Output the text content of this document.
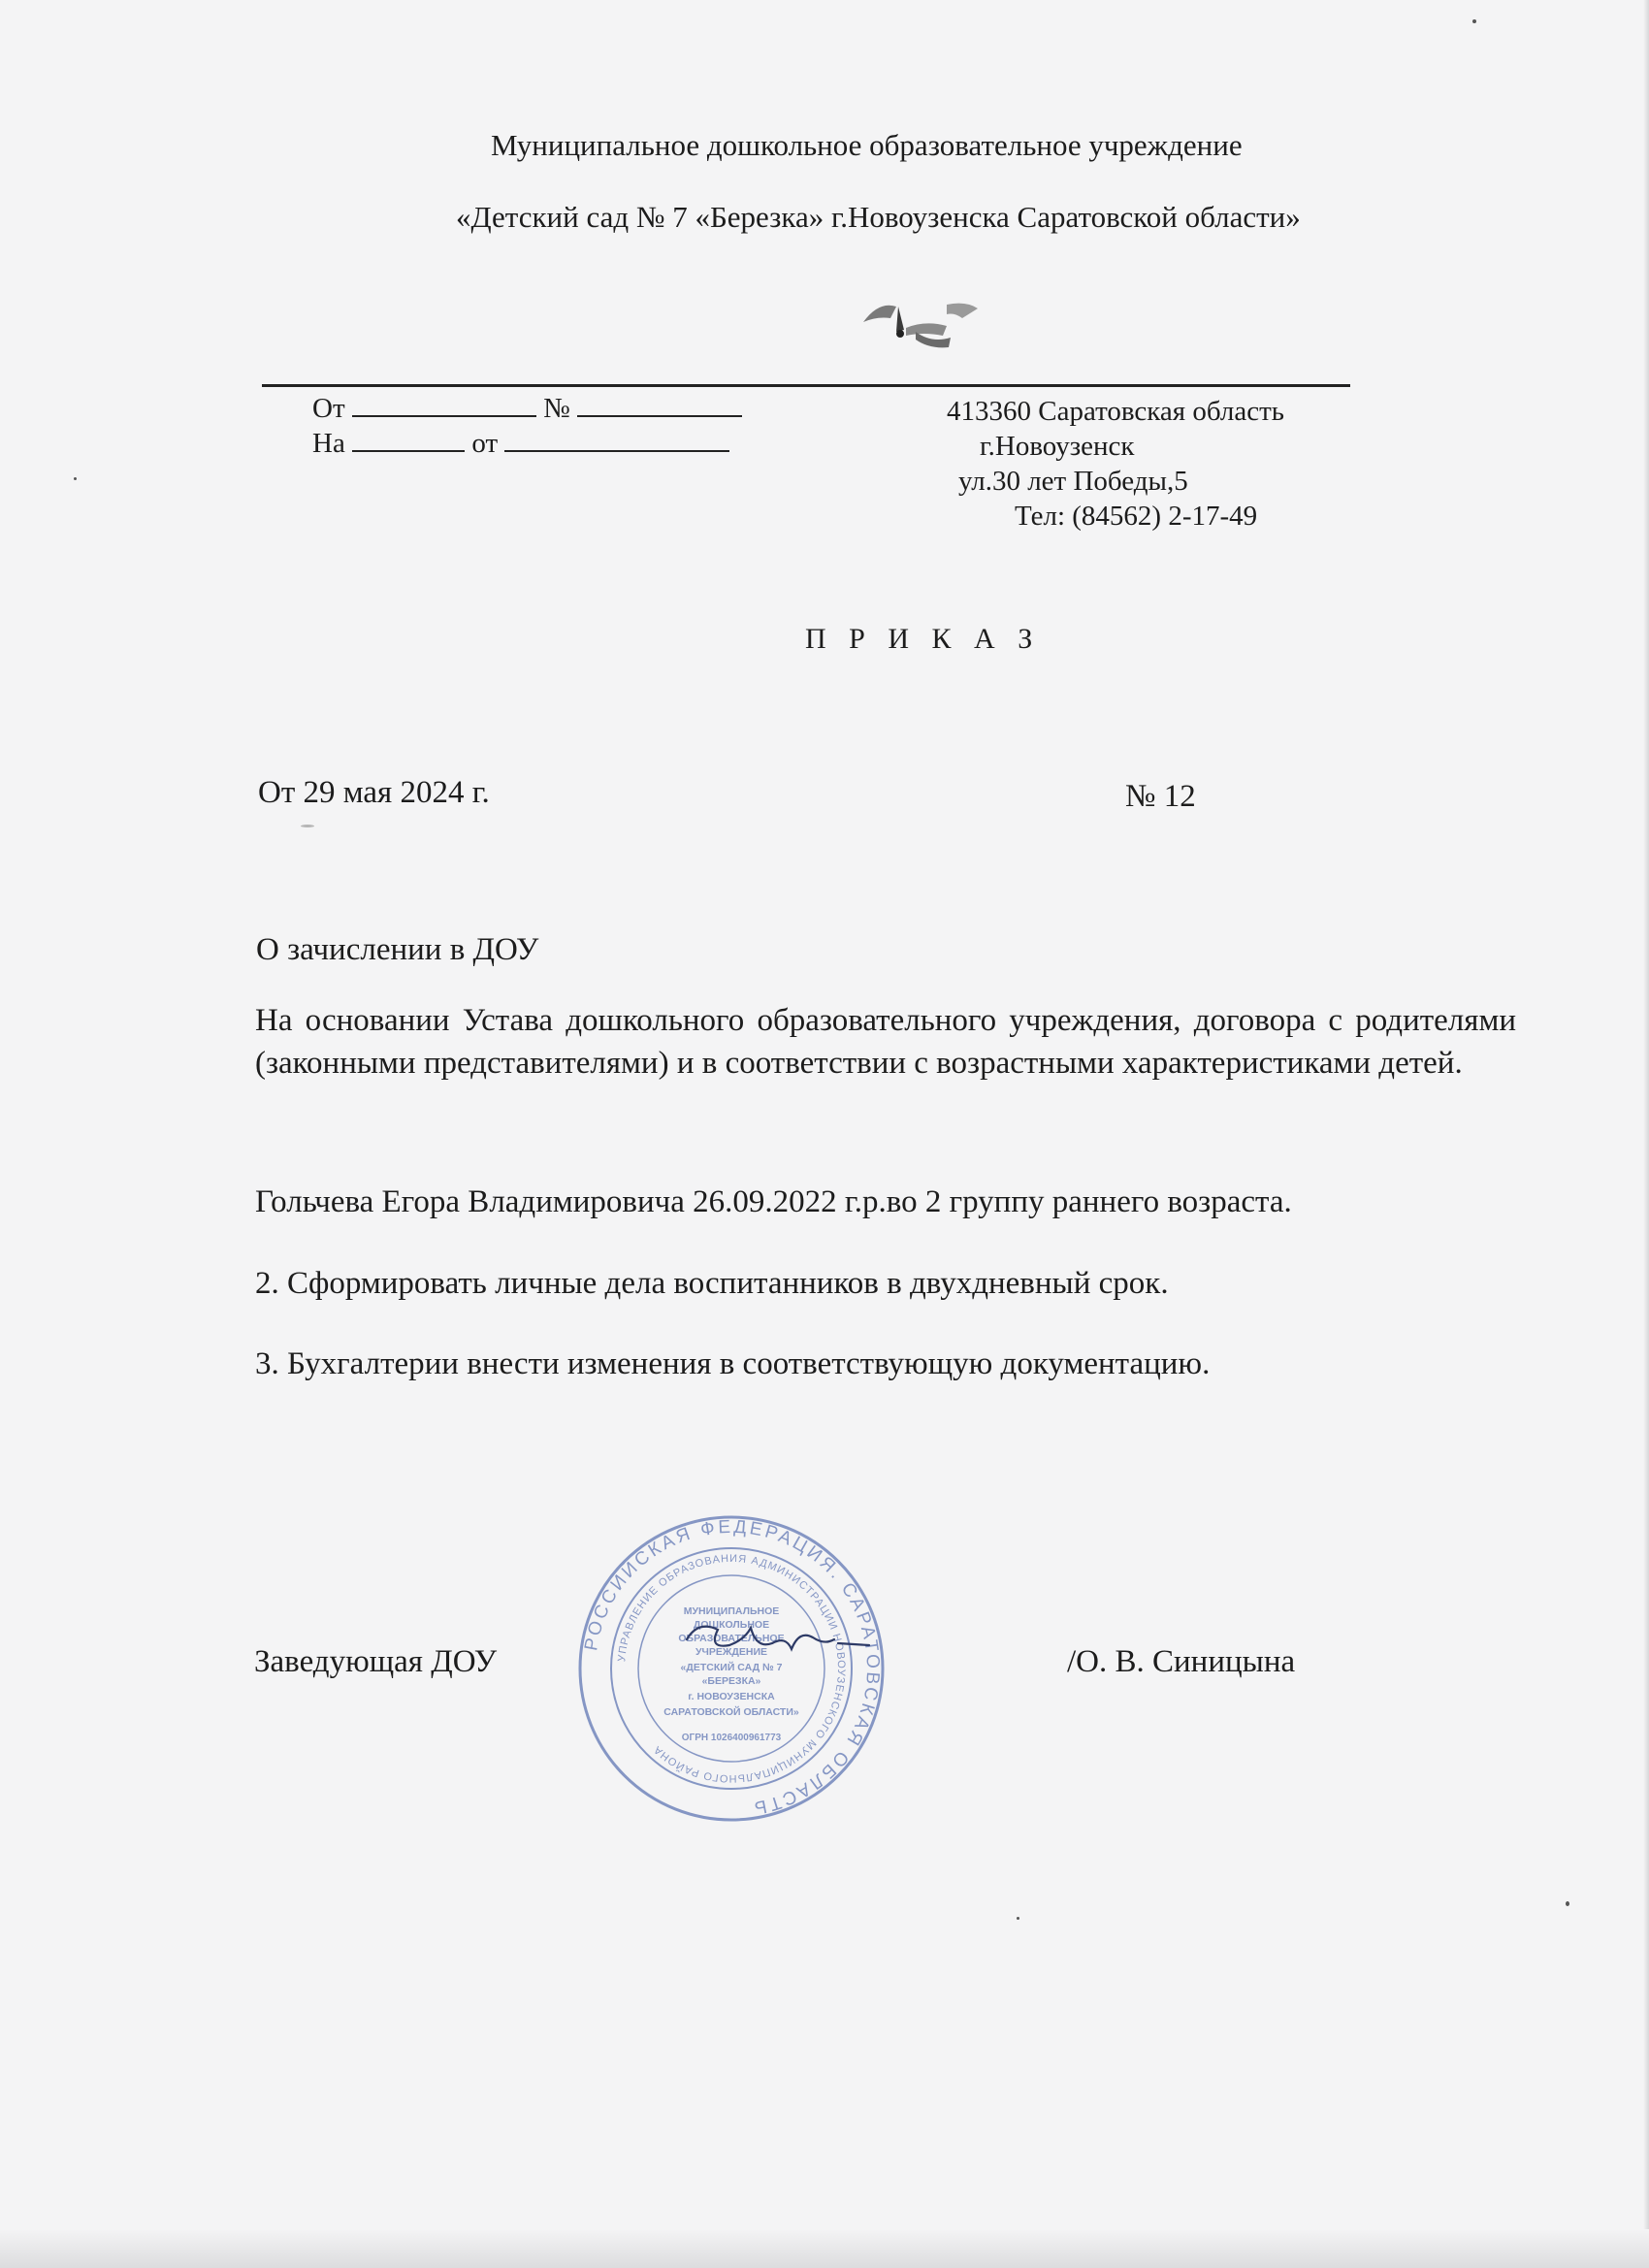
Муниципальное дошкольное образовательное учреждение
«Детский сад № 7 «Березка» г.Новоузенска Саратовской области»
От	№
На	от
413360 Саратовская область
г.Новоузенск
ул.30 лет Победы,5
Тел: (84562) 2-17-49
П Р И К А З
От 29 мая 2024 г.	№ 12
О зачислении в ДОУ
На основании Устава дошкольного образовательного учреждения, договора с родителями (законными представителями) и в соответствии с возрастными характеристиками детей.
Гольчева Егора Владимировича 26.09.2022 г.р.во 2 группу раннего возраста.
2. Сформировать личные дела воспитанников в двухдневный срок.
3. Бухгалтерии внести изменения в соответствующую документацию.
Заведующая ДОУ	/О. В. Синицына
РОССИЙСКАЯ ФЕДЕРАЦИЯ. САРАТОВСКАЯ ОБЛАСТЬ
УПРАВЛЕНИЕ ОБРАЗОВАНИЯ АДМИНИСТРАЦИИ НОВОУЗЕНСКОГО МУНИЦИПАЛЬНОГО РАЙОНА
МУНИЦИПАЛЬНОЕ
ДОШКОЛЬНОЕ
ОБРАЗОВАТЕЛЬНОЕ
УЧРЕЖДЕНИЕ
«ДЕТСКИЙ САД № 7
«БЕРЕЗКА»
г. НОВОУЗЕНСКА
САРАТОВСКОЙ ОБЛАСТИ»
ОГРН 1026400961773
